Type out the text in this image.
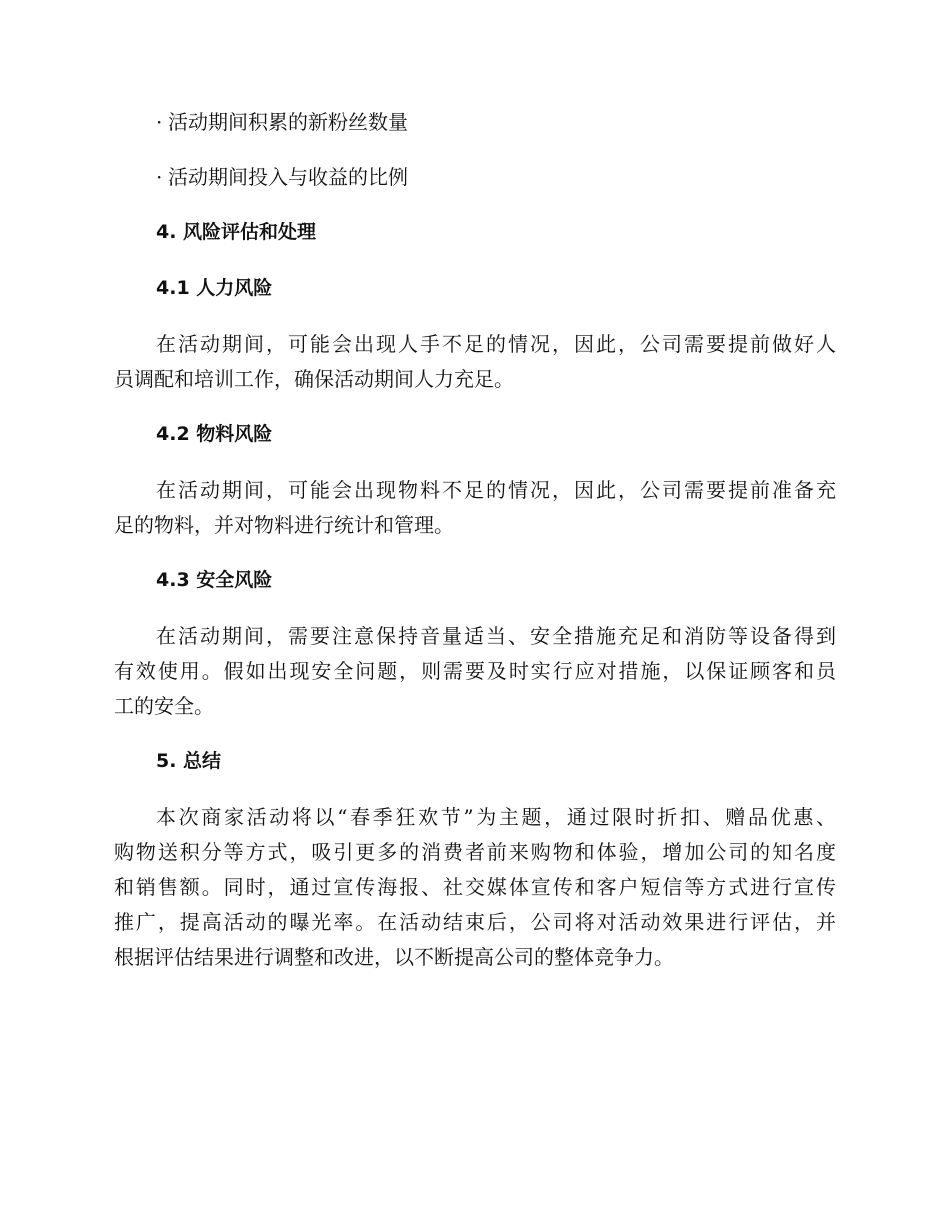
· 活动期间积累的新粉丝数量

· 活动期间投入与收益的比例

4. 风险评估和处理
4.1 人力风险

在活动期间，可能会出现人手不足的情况，因此，公司需要提前做好人

员调配和培训工作，确保活动期间人力充足。

4.2 物料风险

在活动期间，可能会出现物料不足的情况，因此，公司需要提前准备充

足的物料，并对物料进行统计和管理。

4.3 安全风险

在活动期间，需要注意保持音量适当、安全措施充足和消防等设备得到

有效使用。假如出现安全问题，则需要及时实行应对措施，以保证顾客和员

工的安全。

5. 总结

本次商家活动将以“春季狂欢节”为主题，通过限时折扣、赠品优惠、

购物送积分等方式，吸引更多的消费者前来购物和体验，增加公司的知名度

和销售额。同时，通过宣传海报、社交媒体宣传和客户短信等方式进行宣传

推广，提高活动的曝光率。在活动结束后，公司将对活动效果进行评估，并

根据评估结果进行调整和改进，以不断提高公司的整体竞争力。
